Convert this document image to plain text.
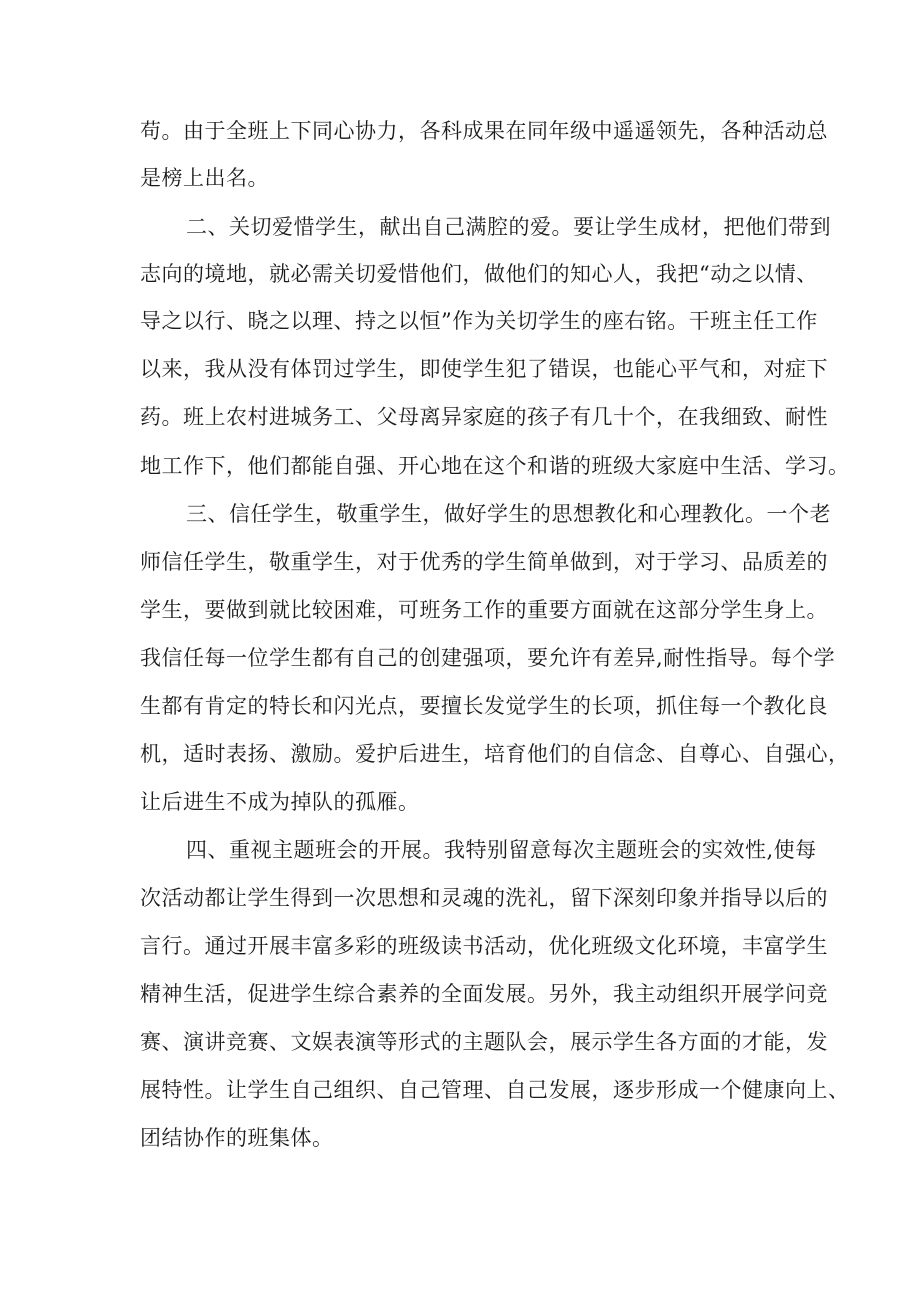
苟。由于全班上下同心协力，各科成果在同年级中遥遥领先，各种活动总
是榜上出名。
二、关切爱惜学生，献出自己满腔的爱。要让学生成材，把他们带到
志向的境地，就必需关切爱惜他们，做他们的知心人，我把“动之以情、
导之以行、晓之以理、持之以恒”作为关切学生的座右铭。干班主任工作
以来，我从没有体罚过学生，即使学生犯了错误，也能心平气和，对症下
药。班上农村进城务工、父母离异家庭的孩子有几十个，在我细致、耐性
地工作下，他们都能自强、开心地在这个和谐的班级大家庭中生活、学习。
三、信任学生，敬重学生，做好学生的思想教化和心理教化。一个老
师信任学生，敬重学生，对于优秀的学生简单做到，对于学习、品质差的
学生，要做到就比较困难，可班务工作的重要方面就在这部分学生身上。
我信任每一位学生都有自己的创建强项，要允许有差异,耐性指导。每个学
生都有肯定的特长和闪光点，要擅长发觉学生的长项，抓住每一个教化良
机，适时表扬、激励。爱护后进生，培育他们的自信念、自尊心、自强心，
让后进生不成为掉队的孤雁。
四、重视主题班会的开展。我特别留意每次主题班会的实效性,使每
次活动都让学生得到一次思想和灵魂的洗礼，留下深刻印象并指导以后的
言行。通过开展丰富多彩的班级读书活动，优化班级文化环境，丰富学生
精神生活，促进学生综合素养的全面发展。另外，我主动组织开展学问竞
赛、演讲竞赛、文娱表演等形式的主题队会，展示学生各方面的才能，发
展特性。让学生自己组织、自己管理、自己发展，逐步形成一个健康向上、
团结协作的班集体。
